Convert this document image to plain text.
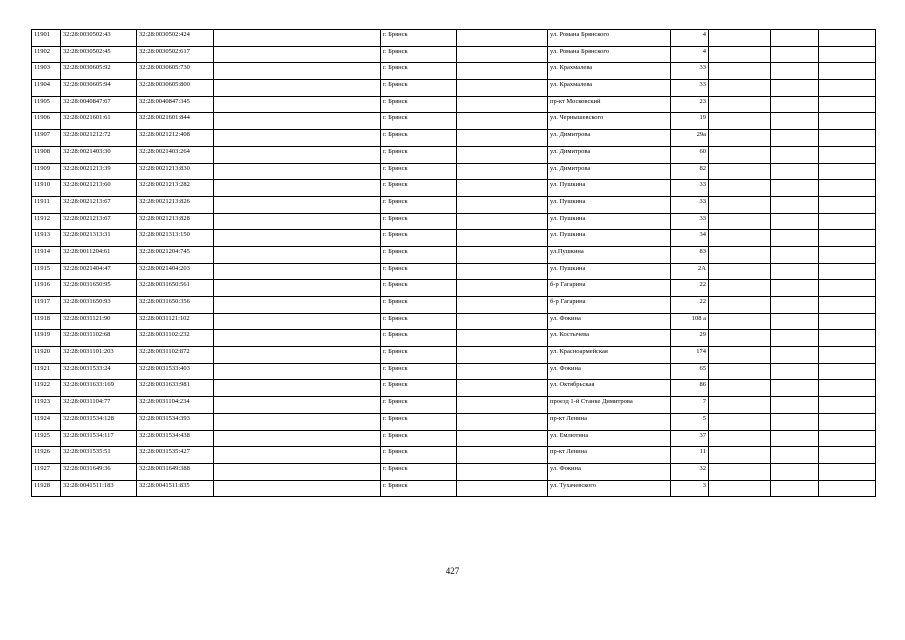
11901	32:28:0030502:43	32:28:0030502:424		г. Брянск		ул. Романа Брянского	4			
11902	32:28:0030502:45	32:28:0030502:617		г. Брянск		ул. Романа Брянского	4			
11903	32:28:0030605:92	32:28:0030605:730		г. Брянск		ул. Крахмалева	33			
11904	32:28:0030605:94	32:28:0030605:800		г. Брянск		ул. Крахмалева	33			
11905	32:28:0040847:67	32:28:0040847:345		г. Брянск		пр-кт Московский	23			
11906	32:28:0021601:61	32:28:0021601:844		г. Брянск		ул. Чернышевского	19			
11907	32:28:0021212:72	32:28:0021212:408		г. Брянск		ул. Димитрова	29а			
11908	32:28:0021403:30	32:28:0021403:264		г. Брянск		ул. Димитрова	60			
11909	32:28:0021213:39	32:28:0021213:830		г. Брянск		ул. Димитрова	82			
11910	32:28:0021213:60	32:28:0021213:282		г. Брянск		ул. Пушкина	33			
11911	32:28:0021213:67	32:28:0021213:826		г. Брянск		ул. Пушкина	33			
11912	32:28:0021213:67	32:28:0021213:828		г. Брянск		ул. Пушкина	33			
11913	32:28:0021313:31	32:28:0021313:150		г. Брянск		ул. Пушкина	34			
11914	32:28:0011204:61	32:28:0021204:745		г. Брянск		ул.Пушкина	83			
11915	32:28:0021404:47	32:28:0021404:203		г. Брянск		ул. Пушкина	2А			
11916	32:28:0031650:95	32:28:0031650:561		г. Брянск		б-р Гагарина	22			
11917	32:28:0031650:93	32:28:0031650:356		г. Брянск		б-р Гагарина	22			
11918	32:28:0031121:90	32:28:0031121:102		г. Брянск		ул. Фокина	108 а			
11919	32:28:0031102:68	32:28:0031102:232		г. Брянск		ул. Костычева	29			
11920	32:28:0031101:203	32:28:0031102:872		г. Брянск		ул. Красноармейская	174			
11921	32:28:0031533:24	32:28:0031533:403		г. Брянск		ул. Фокина	65			
11922	32:28:0031633:169	32:28:0031633:981		г. Брянск		ул. Октябрьская	86			
11923	32:28:0031104:77	32:28:0031104:234		г. Брянск		проезд 1-й Станке Димитрова	7			
11924	32:28:0031534:128	32:28:0031534:393		г. Брянск		пр-кт Ленина	5			
11925	32:28:0031534:117	32:28:0031534:438		г. Брянск		ул. Емлютина	37			
11926	32:28:0031535:51	32:28:0031535:427		г. Брянск		пр-кт Ленина	11			
11927	32:28:0031649:36	32:28:0031649:388		г. Брянск		ул. Фокина	32			
11928	32:28:0041511:183	32:28:0041511:835		г. Брянск		ул. Тухачевского	3			
427
